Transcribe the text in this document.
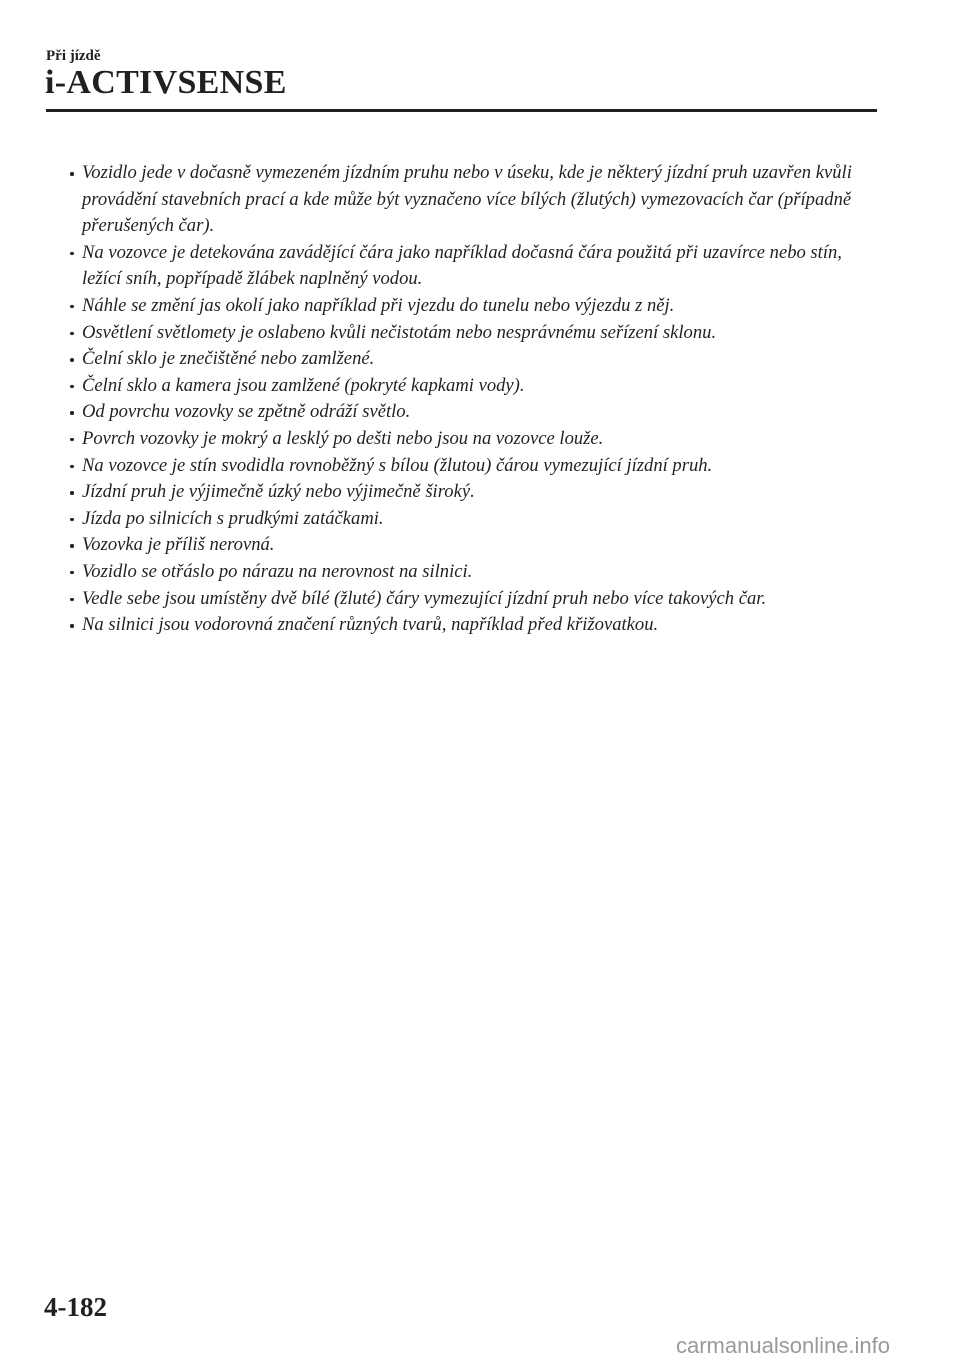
Při jízdě
i-ACTIVSENSE
Vozidlo jede v dočasně vymezeném jízdním pruhu nebo v úseku, kde je některý jízdní pruh uzavřen kvůli provádění stavebních prací a kde může být vyznačeno více bílých (žlutých) vymezovacích čar (případně přerušených čar).
Na vozovce je detekována zavádějící čára jako například dočasná čára použitá při uzavírce nebo stín, ležící sníh, popřípadě žlábek naplněný vodou.
Náhle se změní jas okolí jako například při vjezdu do tunelu nebo výjezdu z něj.
Osvětlení světlomety je oslabeno kvůli nečistotám nebo nesprávnému seřízení sklonu.
Čelní sklo je znečištěné nebo zamlžené.
Čelní sklo a kamera jsou zamlžené (pokryté kapkami vody).
Od povrchu vozovky se zpětně odráží světlo.
Povrch vozovky je mokrý a lesklý po dešti nebo jsou na vozovce louže.
Na vozovce je stín svodidla rovnoběžný s bílou (žlutou) čárou vymezující jízdní pruh.
Jízdní pruh je výjimečně úzký nebo výjimečně široký.
Jízda po silnicích s prudkými zatáčkami.
Vozovka je příliš nerovná.
Vozidlo se otřáslo po nárazu na nerovnost na silnici.
Vedle sebe jsou umístěny dvě bílé (žluté) čáry vymezující jízdní pruh nebo více takových čar.
Na silnici jsou vodorovná značení různých tvarů, například před křižovatkou.
4-182
carmanualsonline.info
